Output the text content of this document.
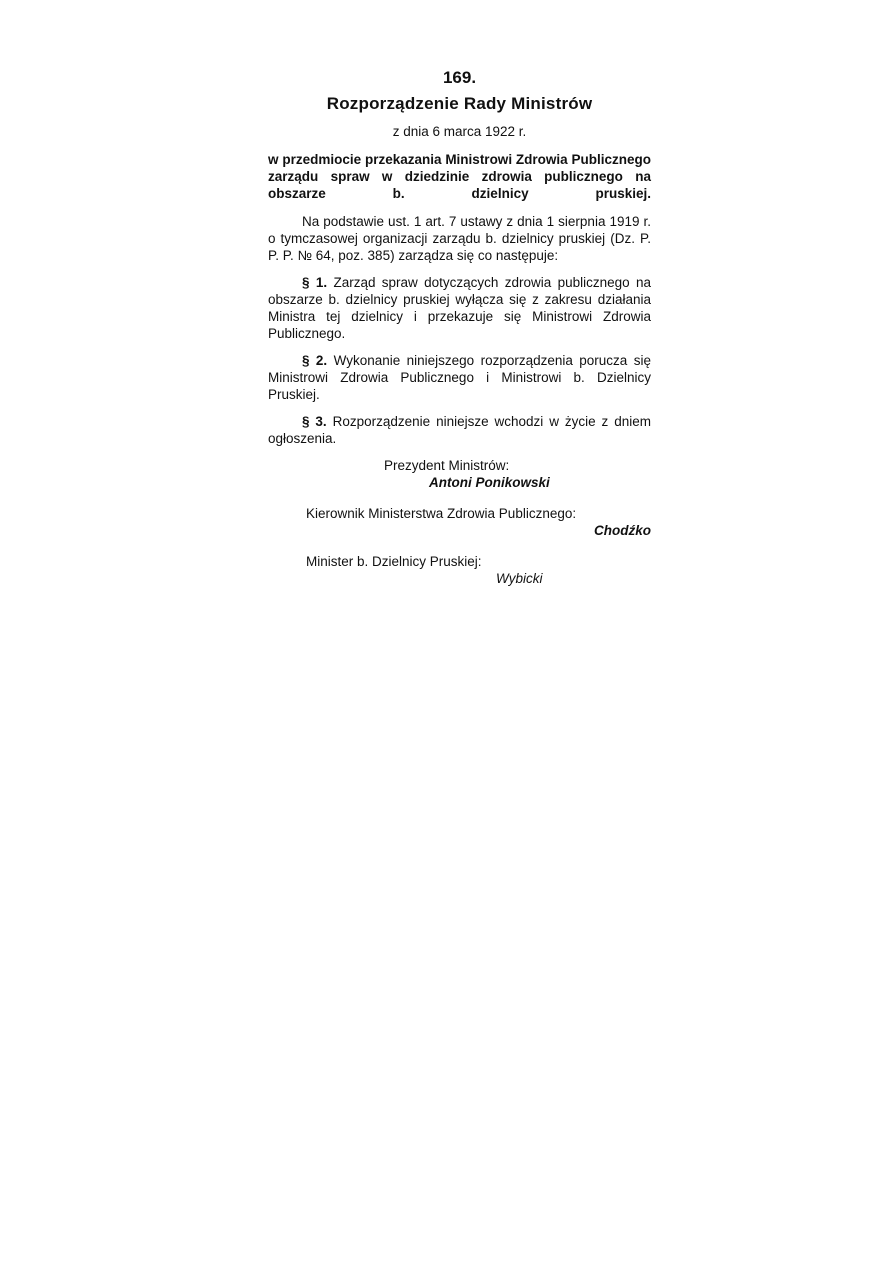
169.
Rozporządzenie Rady Ministrów
z dnia 6 marca 1922 r.
w przedmiocie przekazania Ministrowi Zdrowia Publicznego zarządu spraw w dziedzinie zdrowia publicznego na obszarze b. dzielnicy pruskiej.
Na podstawie ust. 1 art. 7 ustawy z dnia 1 sierpnia 1919 r. o tymczasowej organizacji zarządu b. dzielnicy pruskiej (Dz. P. P. P. № 64, poz. 385) zarządza się co następuje:
§ 1. Zarząd spraw dotyczących zdrowia publicznego na obszarze b. dzielnicy pruskiej wyłącza się z zakresu działania Ministra tej dzielnicy i przekazuje się Ministrowi Zdrowia Publicznego.
§ 2. Wykonanie niniejszego rozporządzenia porucza się Ministrowi Zdrowia Publicznego i Ministrowi b. Dzielnicy Pruskiej.
§ 3. Rozporządzenie niniejsze wchodzi w życie z dniem ogłoszenia.
Prezydent Ministrów:
Antoni Ponikowski
Kierownik Ministerstwa Zdrowia Publicznego:
Chodźko
Minister b. Dzielnicy Pruskiej:
Wybicki
